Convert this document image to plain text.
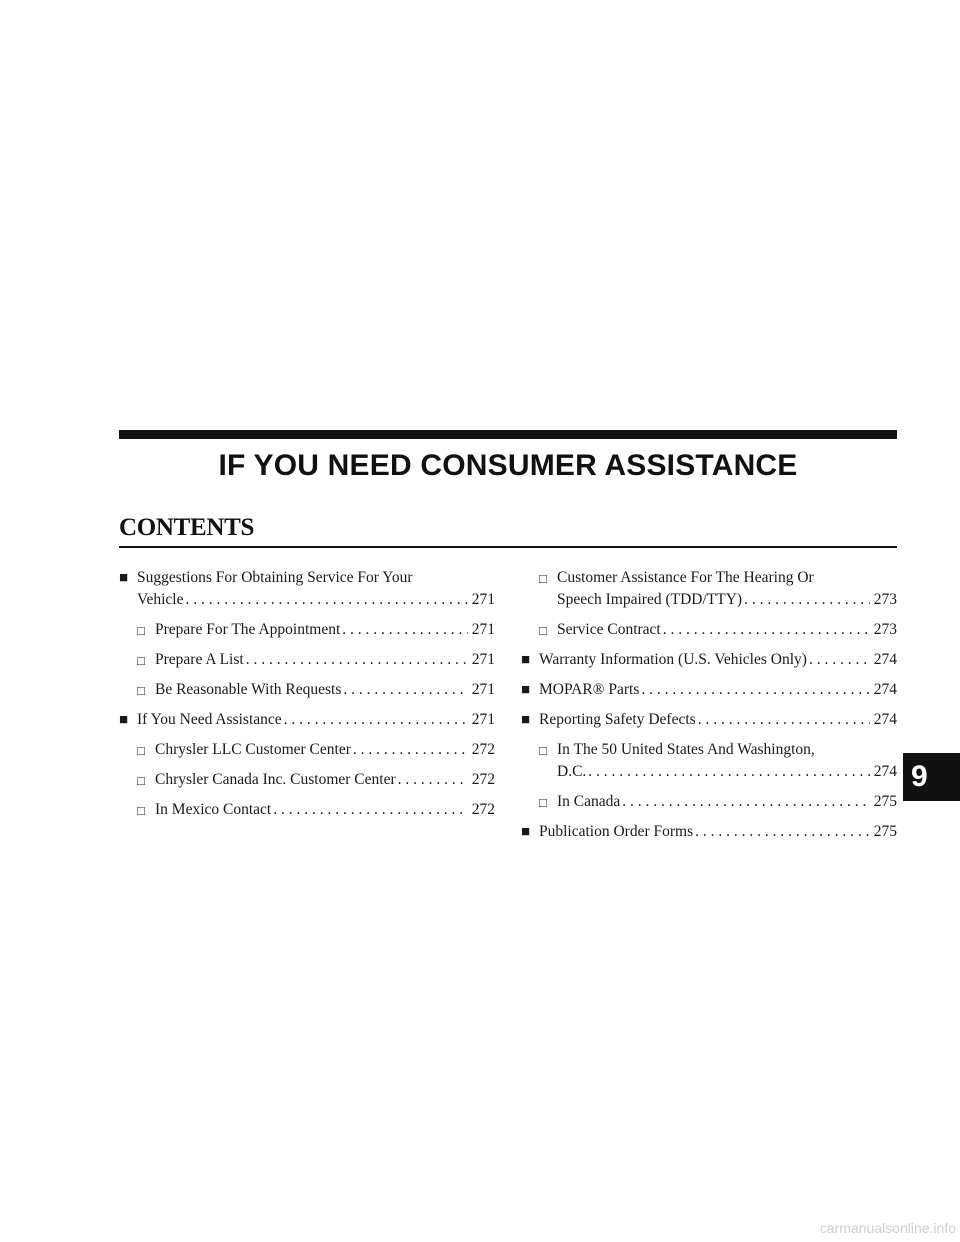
IF YOU NEED CONSUMER ASSISTANCE
CONTENTS
■ Suggestions For Obtaining Service For Your
Vehicle . . .	271
□ Prepare For The Appointment . . .	271
□ Prepare A List . . .	271
□ Be Reasonable With Requests . . .	271
■ If You Need Assistance . . .	271
□ Chrysler LLC Customer Center . . .	272
□ Chrysler Canada Inc. Customer Center . . .	272
□ In Mexico Contact . . .	272
□ Customer Assistance For The Hearing Or
Speech Impaired (TDD/TTY) . . .	273
□ Service Contract . . .	273
■ Warranty Information (U.S. Vehicles Only) . . .	274
■ MOPAR® Parts . . .	274
■ Reporting Safety Defects . . .	274
□ In The 50 United States And Washington,
D.C. . . .	274
□ In Canada . . .	275
■ Publication Order Forms . . .	275
9
carmanualsonline.info
